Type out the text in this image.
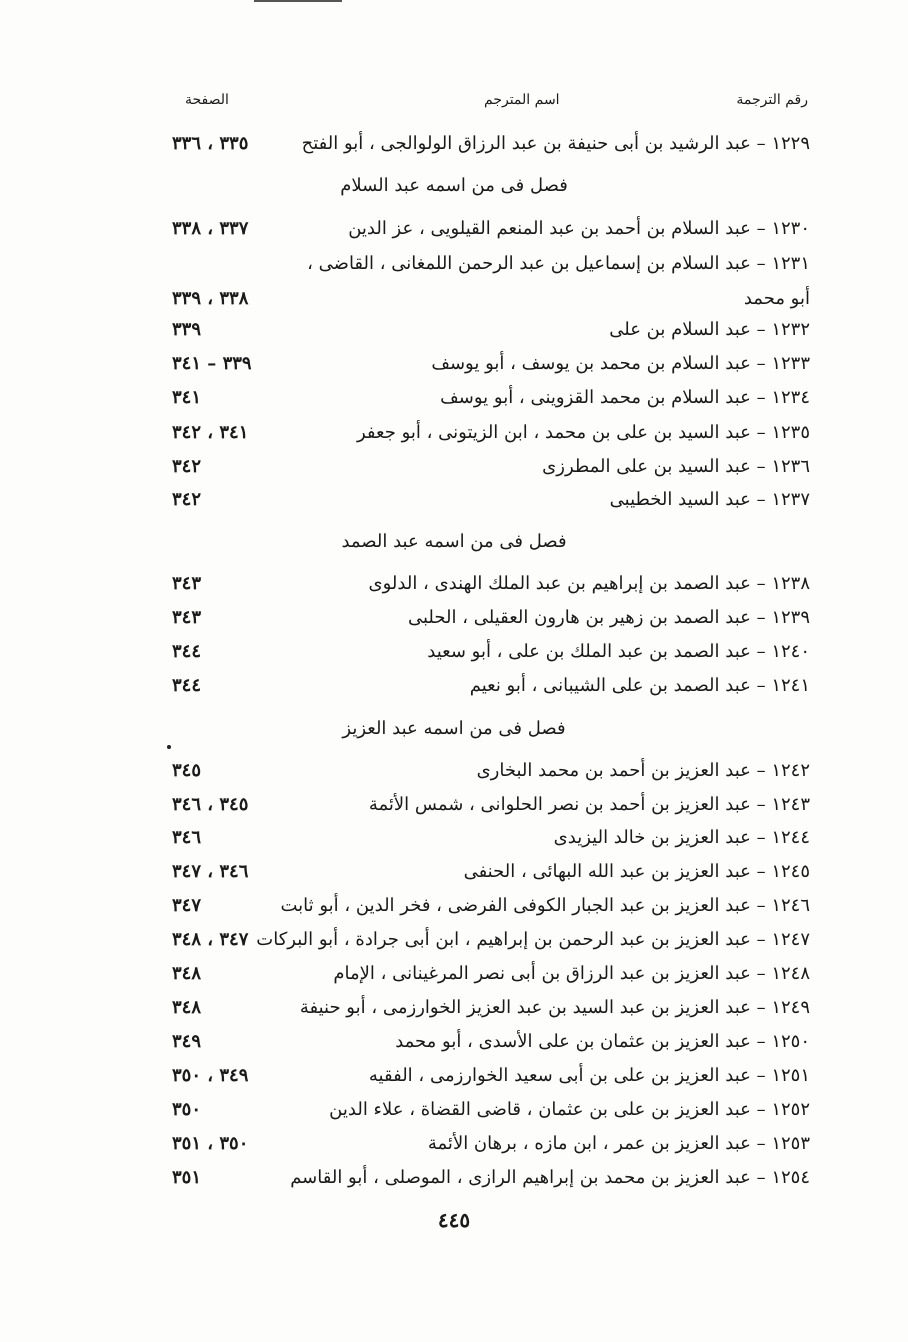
رقم الترجمة
اسم المترجم
الصفحة
١٢٢٩ – عبد الرشيد بن أبى حنيفة بن عبد الرزاق الولوالجى ، أبو الفتح
٣٣٥ ، ٣٣٦
فصل فى من اسمه عبد السلام
١٢٣٠ – عبد السلام بن أحمد بن عبد المنعم القيلويى ، عز الدين
٣٣٧ ، ٣٣٨
١٢٣١ – عبد السلام بن إسماعيل بن عبد الرحمن اللمغانى ، القاضى ،
أبو محمد
٣٣٨ ، ٣٣٩
١٢٣٢ – عبد السلام بن على
٣٣٩
١٢٣٣ – عبد السلام بن محمد بن يوسف ، أبو يوسف
٣٣٩ – ٣٤١
١٢٣٤ – عبد السلام بن محمد القزوينى ، أبو يوسف
٣٤١
١٢٣٥ – عبد السيد بن على بن محمد ، ابن الزيتونى ، أبو جعفر
٣٤١ ، ٣٤٢
١٢٣٦ – عبد السيد بن على المطرزى
٣٤٢
١٢٣٧ – عبد السيد الخطيبى
٣٤٢
فصل فى من اسمه عبد الصمد
١٢٣٨ – عبد الصمد بن إبراهيم بن عبد الملك الهندى ، الدلوى
٣٤٣
١٢٣٩ – عبد الصمد بن زهير بن هارون العقيلى ، الحلبى
٣٤٣
١٢٤٠ – عبد الصمد بن عبد الملك بن على ، أبو سعيد
٣٤٤
١٢٤١ – عبد الصمد بن على الشيبانى ، أبو نعيم
٣٤٤
فصل فى من اسمه عبد العزيز
١٢٤٢ – عبد العزيز بن أحمد بن محمد البخارى
٣٤٥
١٢٤٣ – عبد العزيز بن أحمد بن نصر الحلوانى ، شمس الأئمة
٣٤٥ ، ٣٤٦
١٢٤٤ – عبد العزيز بن خالد اليزيدى
٣٤٦
١٢٤٥ – عبد العزيز بن عبد الله البهائى ، الحنفى
٣٤٦ ، ٣٤٧
١٢٤٦ – عبد العزيز بن عبد الجبار الكوفى الفرضى ، فخر الدين ، أبو ثابت
٣٤٧
١٢٤٧ – عبد العزيز بن عبد الرحمن بن إبراهيم ، ابن أبى جرادة ، أبو البركات
٣٤٧ ، ٣٤٨
١٢٤٨ – عبد العزيز بن عبد الرزاق بن أبى نصر المرغينانى ، الإمام
٣٤٨
١٢٤٩ – عبد العزيز بن عبد السيد بن عبد العزيز الخوارزمى ، أبو حنيفة
٣٤٨
١٢٥٠ – عبد العزيز بن عثمان بن على الأسدى ، أبو محمد
٣٤٩
١٢٥١ – عبد العزيز بن على بن أبى سعيد الخوارزمى ، الفقيه
٣٤٩ ، ٣٥٠
١٢٥٢ – عبد العزيز بن على بن عثمان ، قاضى القضاة ، علاء الدين
٣٥٠
١٢٥٣ – عبد العزيز بن عمر ، ابن مازه ، برهان الأئمة
٣٥٠ ، ٣٥١
١٢٥٤ – عبد العزيز بن محمد بن إبراهيم الرازى ، الموصلى ، أبو القاسم
٣٥١
٤٤٥
